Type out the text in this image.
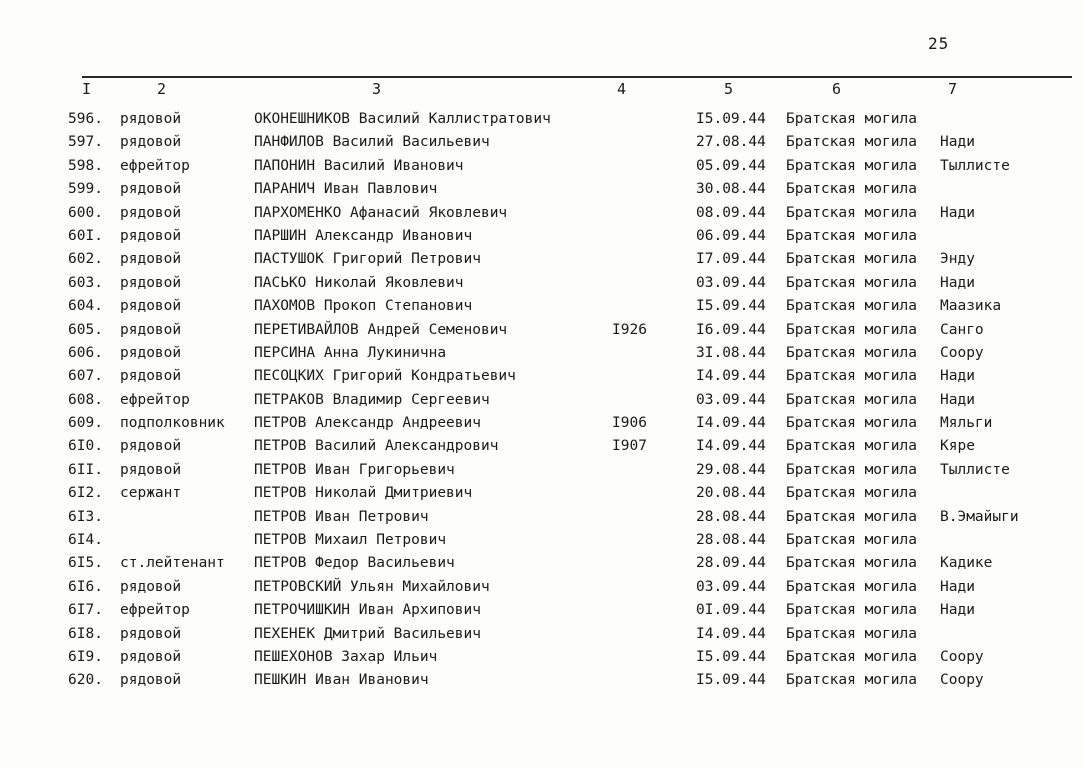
25
I	2	3	4	5	6	7
596. рядовой	ОКОНЕШНИКОВ Василий Каллистратович	I5.09.44 Братская могила
597. рядовой	ПАНФИЛОВ Василий Васильевич	27.08.44 Братская могила Нади
598. ефрейтор	ПАПОНИН Василий Иванович	05.09.44 Братская могила Тыллисте
599. рядовой	ПАРАНИЧ Иван Павлович	30.08.44 Братская могила
600. рядовой	ПАРХОМЕНКО Афанасий Яковлевич	08.09.44 Братская могила Нади
60I. рядовой	ПАРШИН Александр Иванович	06.09.44 Братская могила
602. рядовой	ПАСТУШОК Григорий Петрович	I7.09.44 Братская могила Энду
603. рядовой	ПАСЬКО Николай Яковлевич	03.09.44 Братская могила Нади
604. рядовой	ПАХОМОВ Прокоп Степанович	I5.09.44 Братская могила Маазика
605. рядовой	ПЕРЕТИВАЙЛОВ Андрей Семенович	I926	I6.09.44 Братская могила Санго
606. рядовой	ПЕРСИНА Анна Лукинична	3I.08.44 Братская могила Соору
607. рядовой	ПЕСОЦКИХ Григорий Кондратьевич	I4.09.44 Братская могила Нади
608. ефрейтор	ПЕТРАКОВ Владимир Сергеевич	03.09.44 Братская могила Нади
609. подполковник ПЕТРОВ Александр Андреевич	I906	I4.09.44 Братская могила Мяльги
6I0. рядовой	ПЕТРОВ Василий Александрович	I907	I4.09.44 Братская могила Кяре
6II. рядовой	ПЕТРОВ Иван Григорьевич	29.08.44 Братская могила Тыллисте
6I2. сержант	ПЕТРОВ Николай Дмитриевич	20.08.44 Братская могила
6I3.	ПЕТРОВ Иван Петрович	28.08.44 Братская могила В.Эмайыги
6I4.	ПЕТРОВ Михаил Петрович	28.08.44 Братская могила
6I5. ст.лейтенант ПЕТРОВ Федор Васильевич	28.09.44 Братская могила Кадике
6I6. рядовой	ПЕТРОВСКИЙ Ульян Михайлович	03.09.44 Братская могила Нади
6I7. ефрейтор	ПЕТРОЧИШКИН Иван Архипович	0I.09.44 Братская могила Нади
6I8. рядовой	ПЕХЕНЕК Дмитрий Васильевич	I4.09.44 Братская могила
6I9. рядовой	ПЕШЕХОНОВ Захар Ильич	I5.09.44 Братская могила Соору
620. рядовой	ПЕШКИН Иван Иванович	I5.09.44 Братская могила Соору
